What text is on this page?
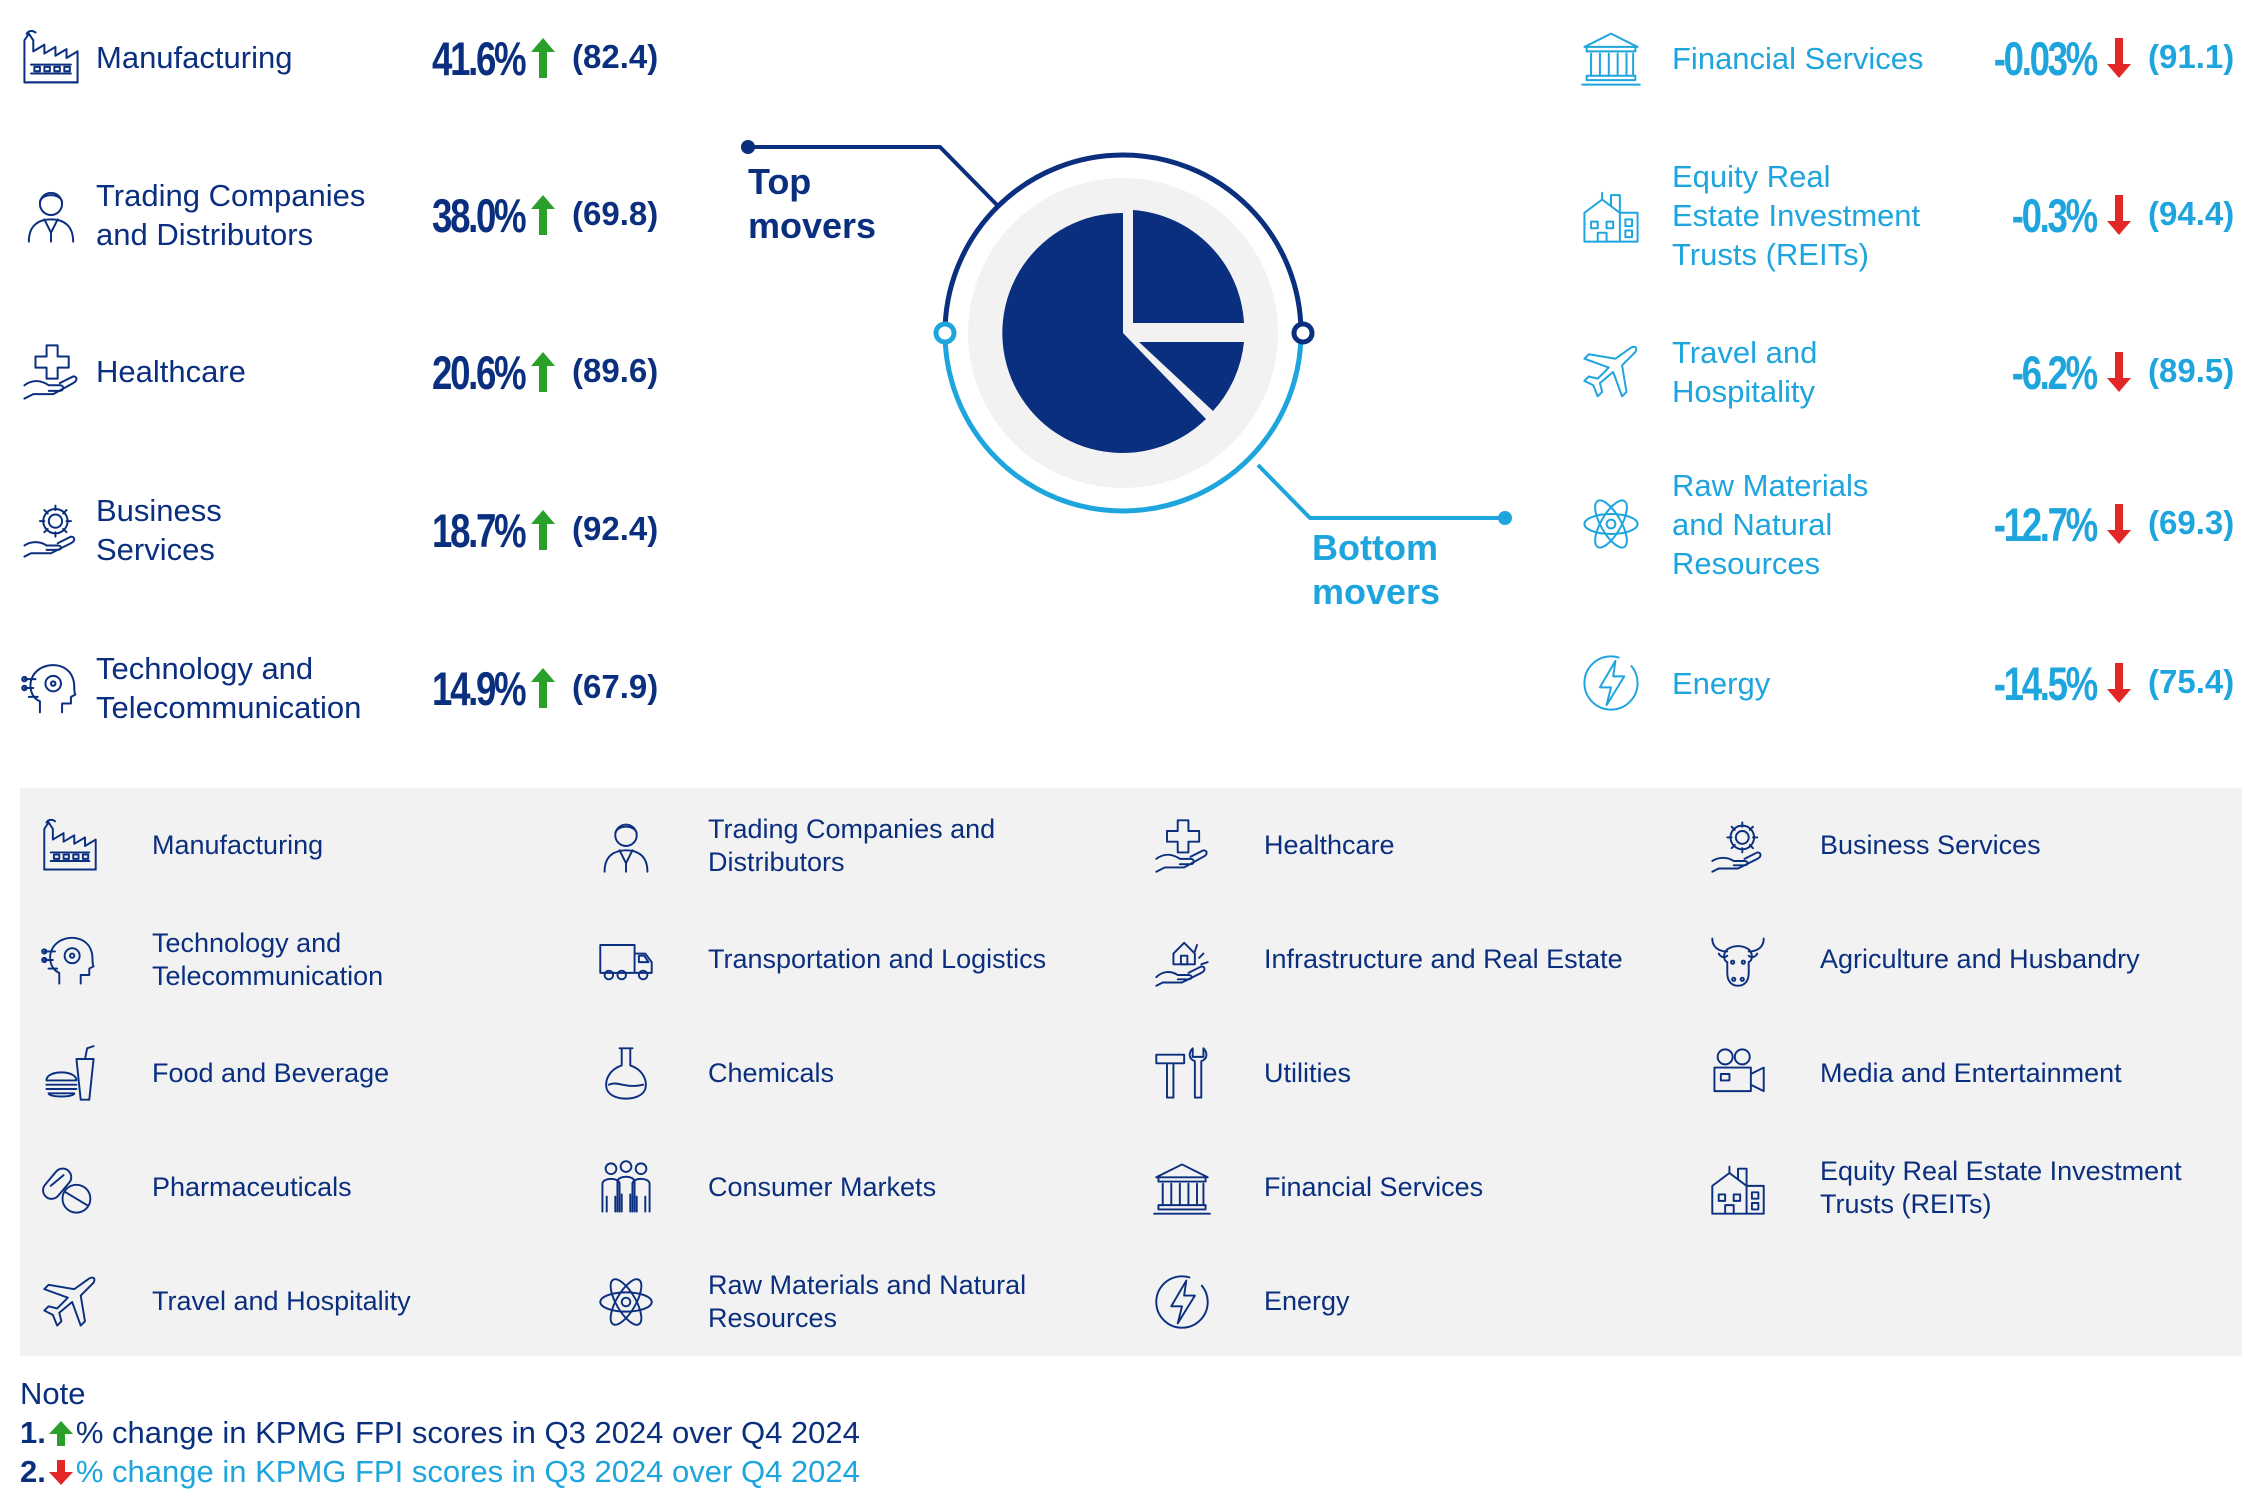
Manufacturing	41.6% (82.4)
Trading Companies
and Distributors	38.0% (69.8)
Healthcare	20.6% (89.6)
Business
Services	18.7% (92.4)
Technology and
Telecommunication 14.9% (67.9)
Top
movers
Bottom
movers
Financial Services -0.03% (91.1)
Equity Real
Estate Investment
Trusts (REITs)
-0.3% (94.4)
Travel and
Hospitality	-6.2% (89.5)
Raw Materials
and Natural
Resources
-12.7% (69.3)
Energy	-14.5% (75.4)
Manufacturing
Trading Companies and
Distributors
Healthcare	Business Services
Technology and
Telecommunication
Transportation and Logistics	Infrastructure and Real Estate	Agriculture and Husbandry
Food and Beverage	Chemicals	Utilities	Media and Entertainment
Pharmaceuticals	Consumer Markets	Financial Services
Equity Real Estate Investment
Trusts (REITs)
Travel and Hospitality
Raw Materials and Natural
Resources
Energy
Note
1. % change in KPMG FPI scores in Q3 2024 over Q4 2024
2. % change in KPMG FPI scores in Q3 2024 over Q4 2024
